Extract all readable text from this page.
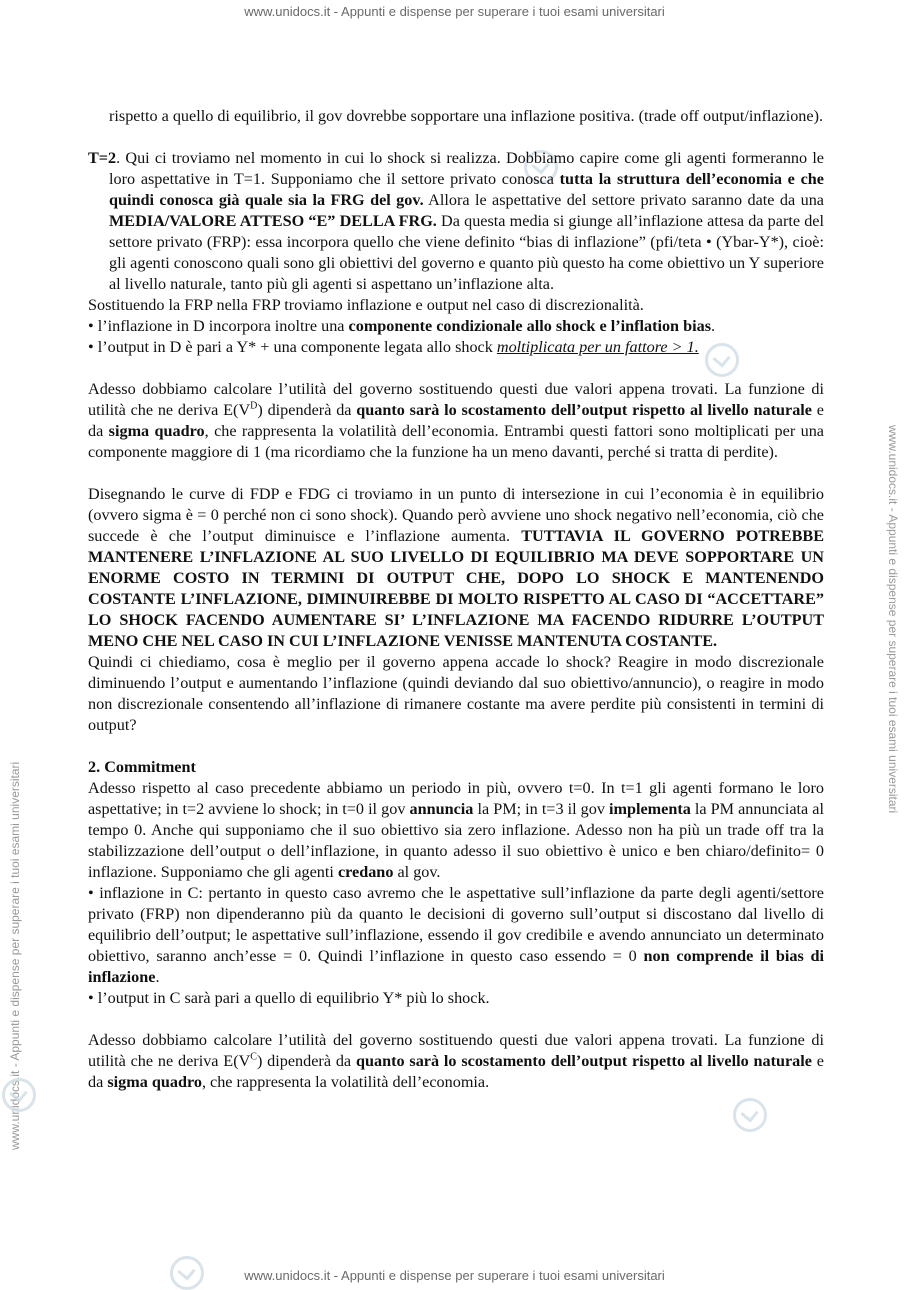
www.unidocs.it - Appunti e dispense per superare i tuoi esami universitari
www.unidocs.it - Appunti e dispense per superare i tuoi esami universitari
www.unidocs.it - Appunti e dispense per superare i tuoi esami universitari
www.unidocs.it - Appunti e dispense per superare i tuoi esami universitari

rispetto a quello di equilibrio, il gov dovrebbe sopportare una inflazione positiva. (trade off output/inflazione).

T=2. Qui ci troviamo nel momento in cui lo shock si realizza. Dobbiamo capire come gli agenti formeranno le loro aspettative in T=1. Supponiamo che il settore privato conosca tutta la struttura dell’economia e che quindi conosca già quale sia la FRG del gov. Allora le aspettative del settore privato saranno date da una MEDIA/VALORE ATTESO “E” DELLA FRG. Da questa media si giunge all’inflazione attesa da parte del settore privato (FRP): essa incorpora quello che viene definito “bias di inflazione” (pfi/teta • (Ybar-Y*), cioè: gli agenti conoscono quali sono gli obiettivi del governo e quanto più questo ha come obiettivo un Y superiore al livello naturale, tanto più gli agenti si aspettano un’inflazione alta.

Sostituendo la FRP nella FRP troviamo inflazione e output nel caso di discrezionalità.

• l’inflazione in D incorpora inoltre una componente condizionale allo shock e l’inflation bias.

• l’output in D è pari a Y* + una componente legata allo shock moltiplicata per un fattore > 1.

Adesso dobbiamo calcolare l’utilità del governo sostituendo questi due valori appena trovati. La funzione di utilità che ne deriva $E(V^D)$ dipenderà da quanto sarà lo scostamento dell’output rispetto al livello naturale e da sigma quadro, che rappresenta la volatilità dell’economia. Entrambi questi fattori sono moltiplicati per una componente maggiore di 1 (ma ricordiamo che la funzione ha un meno davanti, perché si tratta di perdite).

Disegnando le curve di FDP e FDG ci troviamo in un punto di intersezione in cui l’economia è in equilibrio (ovvero sigma è = 0 perché non ci sono shock). Quando però avviene uno shock negativo nell’economia, ciò che succede è che l’output diminuisce e l’inflazione aumenta. TUTTAVIA IL GOVERNO POTREBBE MANTENERE L’INFLAZIONE AL SUO LIVELLO DI EQUILIBRIO MA DEVE SOPPORTARE UN ENORME COSTO IN TERMINI DI OUTPUT CHE, DOPO LO SHOCK E MANTENENDO COSTANTE L’INFLAZIONE, DIMINUIREBBE DI MOLTO RISPETTO AL CASO DI “ACCETTARE” LO SHOCK FACENDO AUMENTARE SI’ L’INFLAZIONE MA FACENDO RIDURRE L’OUTPUT MENO CHE NEL CASO IN CUI L’INFLAZIONE VENISSE MANTENUTA COSTANTE.

Quindi ci chiediamo, cosa è meglio per il governo appena accade lo shock? Reagire in modo discrezionale diminuendo l’output e aumentando l’inflazione (quindi deviando dal suo obiettivo/annuncio), o reagire in modo non discrezionale consentendo all’inflazione di rimanere costante ma avere perdite più consistenti in termini di output?

2. Commitment

Adesso rispetto al caso precedente abbiamo un periodo in più, ovvero t=0. In t=1 gli agenti formano le loro aspettative; in t=2 avviene lo shock; in t=0 il gov annuncia la PM; in t=3 il gov implementa la PM annunciata al tempo 0. Anche qui supponiamo che il suo obiettivo sia zero inflazione. Adesso non ha più un trade off tra la stabilizzazione dell’output o dell’inflazione, in quanto adesso il suo obiettivo è unico e ben chiaro/definito= 0 inflazione. Supponiamo che gli agenti credano al gov.

• inflazione in C: pertanto in questo caso avremo che le aspettative sull’inflazione da parte degli agenti/settore privato (FRP) non dipenderanno più da quanto le decisioni di governo sull’output si discostano dal livello di equilibrio dell’output; le aspettative sull’inflazione, essendo il gov credibile e avendo annunciato un determinato obiettivo, saranno anch’esse = 0. Quindi l’inflazione in questo caso essendo = 0 non comprende il bias di inflazione.

• l’output in C sarà pari a quello di equilibrio Y* più lo shock.

Adesso dobbiamo calcolare l’utilità del governo sostituendo questi due valori appena trovati. La funzione di utilità che ne deriva $E(V^C)$ dipenderà da quanto sarà lo scostamento dell’output rispetto al livello naturale e da sigma quadro, che rappresenta la volatilità dell’economia.
